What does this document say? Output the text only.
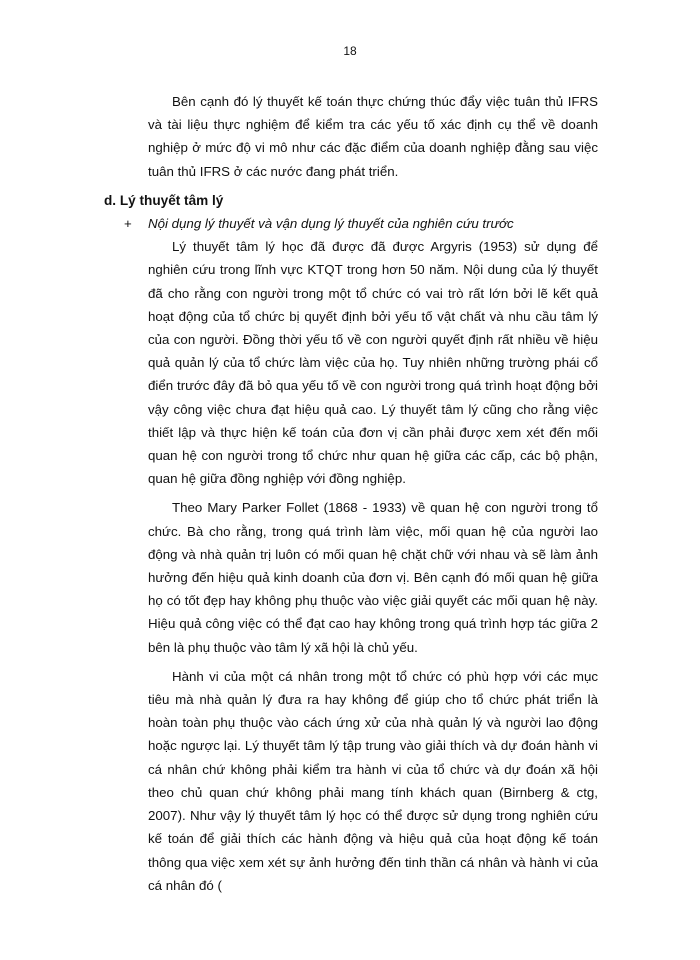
18

Bên cạnh đó lý thuyết kế toán thực chứng thúc đẩy việc tuân thủ IFRS và tài liệu thực nghiệm để kiểm tra các yếu tố xác định cụ thể về doanh nghiệp ở mức độ vi mô như các đặc điểm của doanh nghiệp đằng sau việc tuân thủ IFRS ở các nước đang phát triển.

d. Lý thuyết tâm lý

+ Nội dụng lý thuyết và vận dụng lý thuyết của nghiên cứu trước

Lý thuyết tâm lý học đã được đã được Argyris (1953) sử dụng để nghiên cứu trong lĩnh vực KTQT trong hơn 50 năm. Nội dung của lý thuyết đã cho rằng con người trong một tổ chức có vai trò rất lớn bởi lẽ kết quả hoạt động của tổ chức bị quyết định bởi yếu tố vật chất và nhu cầu tâm lý của con người. Đồng thời yếu tố về con người quyết định rất nhiều về hiệu quả quản lý của tổ chức làm việc của họ. Tuy nhiên những trường phái cổ điển trước đây đã bỏ qua yếu tố về con người trong quá trình hoạt động bởi vậy công việc chưa đạt hiệu quả cao. Lý thuyết tâm lý cũng cho rằng việc thiết lập và thực hiện kế toán của đơn vị cần phải được xem xét đến mối quan hệ con người trong tổ chức như quan hệ giữa các cấp, các bộ phận, quan hệ giữa đồng nghiệp với đồng nghiệp.

Theo Mary Parker Follet (1868 - 1933) về quan hệ con người trong tổ chức. Bà cho rằng, trong quá trình làm việc, mối quan hệ của người lao động và nhà quản trị luôn có mối quan hệ chặt chữ với nhau và sẽ làm ảnh hưởng đến hiệu quả kinh doanh của đơn vị. Bên cạnh đó mối quan hệ giữa họ có tốt đẹp hay không phụ thuộc vào việc giải quyết các mối quan hệ này. Hiệu quả công việc có thể đạt cao hay không trong quá trình hợp tác giữa 2 bên là phụ thuộc vào tâm lý xã hội là chủ yếu.

Hành vi của một cá nhân trong một tổ chức có phù hợp với các mục tiêu mà nhà quản lý đưa ra hay không để giúp cho tổ chức phát triển là hoàn toàn phụ thuộc vào cách ứng xử của nhà quản lý và người lao động hoặc ngược lại. Lý thuyết tâm lý tập trung vào giải thích và dự đoán hành vi cá nhân chứ không phải kiểm tra hành vi của tổ chức và dự đoán xã hội theo chủ quan chứ không phải mang tính khách quan (Birnberg & ctg, 2007). Như vậy lý thuyết tâm lý học có thể được sử dụng trong nghiên cứu kế toán để giải thích các hành động và hiệu quả của hoạt động kế toán thông qua việc xem xét sự ảnh hưởng đến tinh thần cá nhân và hành vi của cá nhân đó (
